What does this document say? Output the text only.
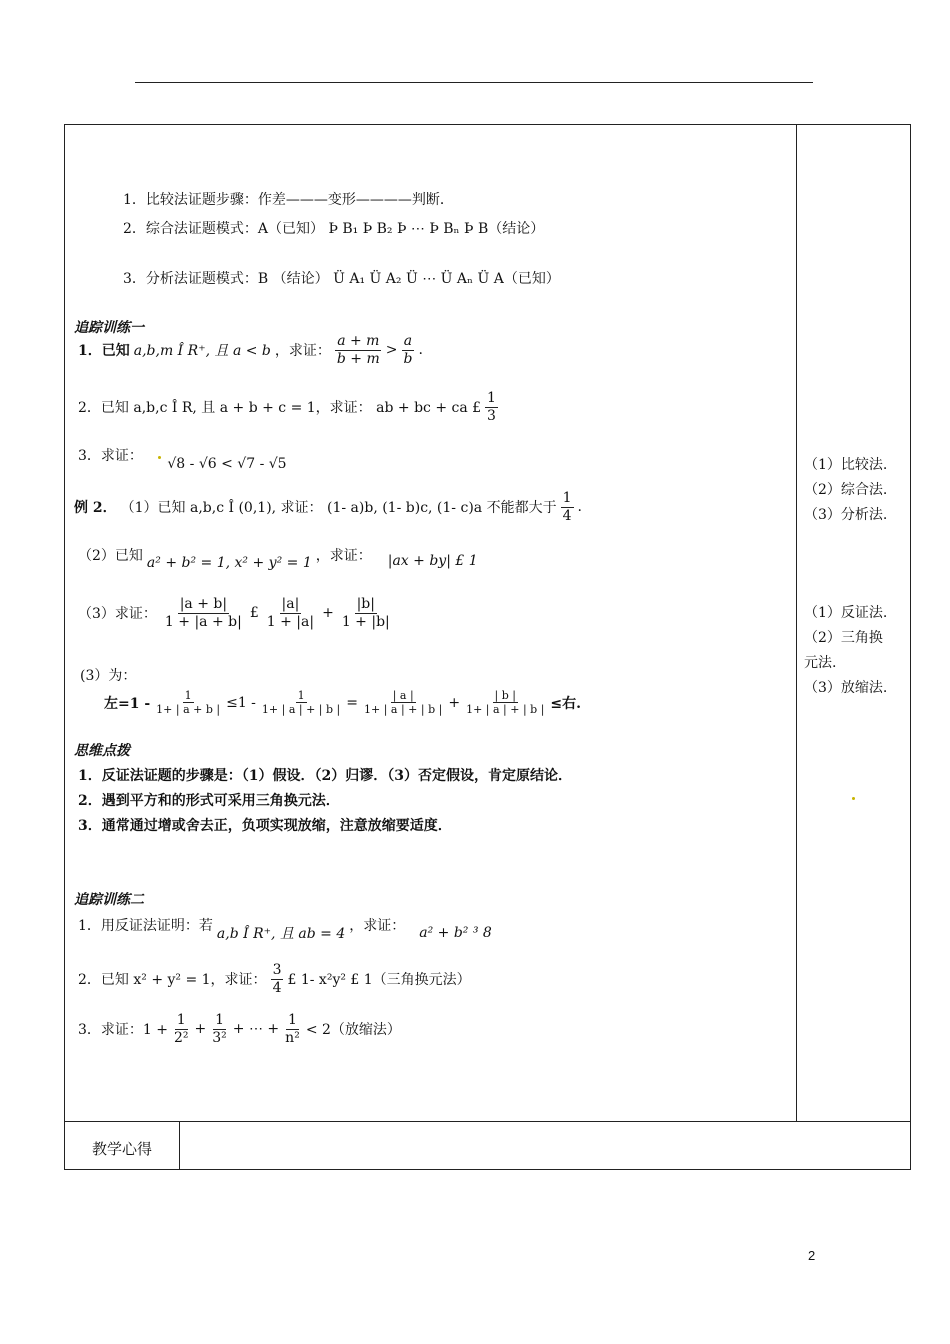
1．比较法证题步骤：作差———变形————判断．
2．综合法证题模式：A（已知） Þ B₁ Þ B₂ Þ ⋯ Þ Bₙ Þ B（结论）
3．分析法证题模式：B （结论） Ü A₁ Ü A₂ Ü ⋯ Ü Aₙ Ü A（已知）
追踪训练一
1．已知 a,b,m Î R⁺, 且 a < b ，求证： $\frac{a + m}{b + m} > \frac{a}{b}$ .
2．已知 a,b,c Î R, 且 a + b + c = 1，求证： ab + bc + ca £ $\frac{1}{3}$
3．求证： √8 - √6 < √7 - √5
例 2． （1）已知 a,b,c Î (0,1), 求证： (1- a)b, (1- b)c, (1- c)a 不能都大于 $\frac{1}{4}$ .
（2）已知 a² + b² = 1, x² + y² = 1 ，求证： |ax + by| £ 1
（3）求证： $\frac{|a + b|}{1 + |a + b|}$ £ $\frac{|a|}{1 + |a|} + \frac{|b|}{1 + |b|}$
(3）为：
左$=1 - \frac{1}{1+ | a + b |} \le 1 - \frac{1}{1+ | a | + | b |} = \frac{| a |}{1+ | a | + | b |} + \frac{| b |}{1+ | a | + | b |}$ ≤右.
思维点拨
1．反证法证题的步骤是：（1）假设．（2）归谬．（3）否定假设，肯定原结论．
2．遇到平方和的形式可采用三角换元法．
3．通常通过增或舍去正，负项实现放缩，注意放缩要适度．
追踪训练二
1．用反证法证明：若 a,b Î R⁺, 且 ab = 4 ，求证： a² + b² ³ 8
2．已知 x² + y² = 1，求证： $\frac{3}{4}$ £ 1- x²y² £ 1（三角换元法）
3．求证：$1 + \frac{1}{\text{2²}} + \frac{1}{\text{3²}}$ + ⋯ + $\frac{1}{\text{n²}} < 2$（放缩法）
（1）比较法.
（2）综合法.
（3）分析法.
（1）反证法.
（2）三角换
元法.
（3）放缩法.
教学心得
2
